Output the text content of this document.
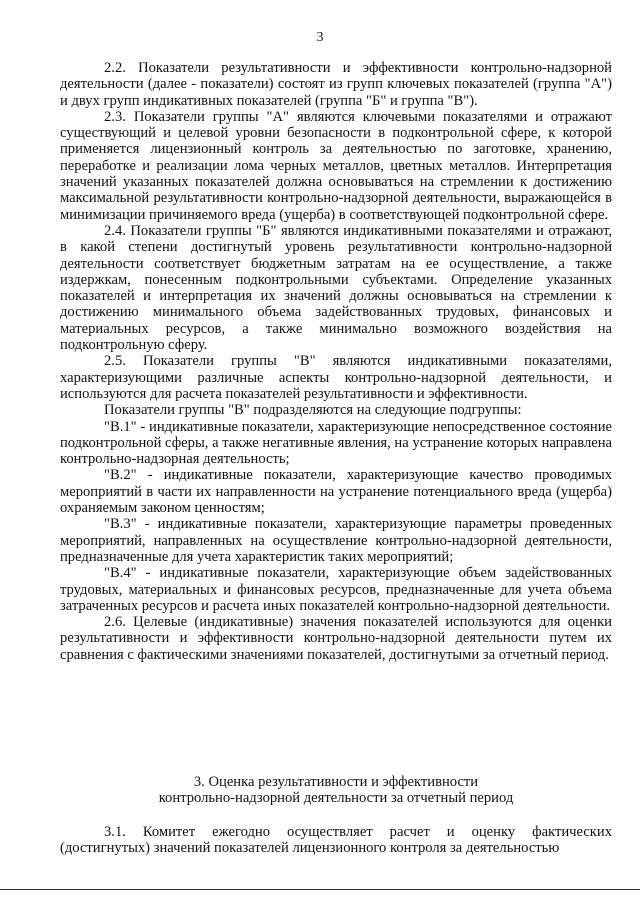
3

2.2. Показатели результативности и эффективности контрольно-надзорной деятельности (далее - показатели) состоят из групп ключевых показателей (группа "А") и двух групп индикативных показателей (группа "Б" и группа "В").

2.3. Показатели группы "А" являются ключевыми показателями и отражают существующий и целевой уровни безопасности в подконтрольной сфере, к которой применяется лицензионный контроль за деятельностью по заготовке, хранению, переработке и реализации лома черных металлов, цветных металлов. Интерпретация значений указанных показателей должна основываться на стремлении к достижению максимальной результативности контрольно-надзорной деятельности, выражающейся в минимизации причиняемого вреда (ущерба) в соответствующей подконтрольной сфере.

2.4. Показатели группы "Б" являются индикативными показателями и отражают, в какой степени достигнутый уровень результативности контрольно-надзорной деятельности соответствует бюджетным затратам на ее осуществление, а также издержкам, понесенным подконтрольными субъектами. Определение указанных показателей и интерпретация их значений должны основываться на стремлении к достижению минимального объема задействованных трудовых, финансовых и материальных ресурсов, а также минимально возможного воздействия на подконтрольную сферу.

2.5. Показатели группы "В" являются индикативными показателями, характеризующими различные аспекты контрольно-надзорной деятельности, и используются для расчета показателей результативности и эффективности.

Показатели группы "В" подразделяются на следующие подгруппы:

"В.1" - индикативные показатели, характеризующие непосредственное состояние подконтрольной сферы, а также негативные явления, на устранение которых направлена контрольно-надзорная деятельность;

"В.2" - индикативные показатели, характеризующие качество проводимых мероприятий в части их направленности на устранение потенциального вреда (ущерба) охраняемым законом ценностям;

"В.3" - индикативные показатели, характеризующие параметры проведенных мероприятий, направленных на осуществление контрольно-надзорной деятельности, предназначенные для учета характеристик таких мероприятий;

"В.4" - индикативные показатели, характеризующие объем задействованных трудовых, материальных и финансовых ресурсов, предназначенные для учета объема затраченных ресурсов и расчета иных показателей контрольно-надзорной деятельности.

2.6. Целевые (индикативные) значения показателей используются для оценки результативности и эффективности контрольно-надзорной деятельности путем их сравнения с фактическими значениями показателей, достигнутыми за отчетный период.

3. Оценка результативности и эффективности
контрольно-надзорной деятельности за отчетный период

3.1. Комитет ежегодно осуществляет расчет и оценку фактических (достигнутых) значений показателей лицензионного контроля за деятельностью
